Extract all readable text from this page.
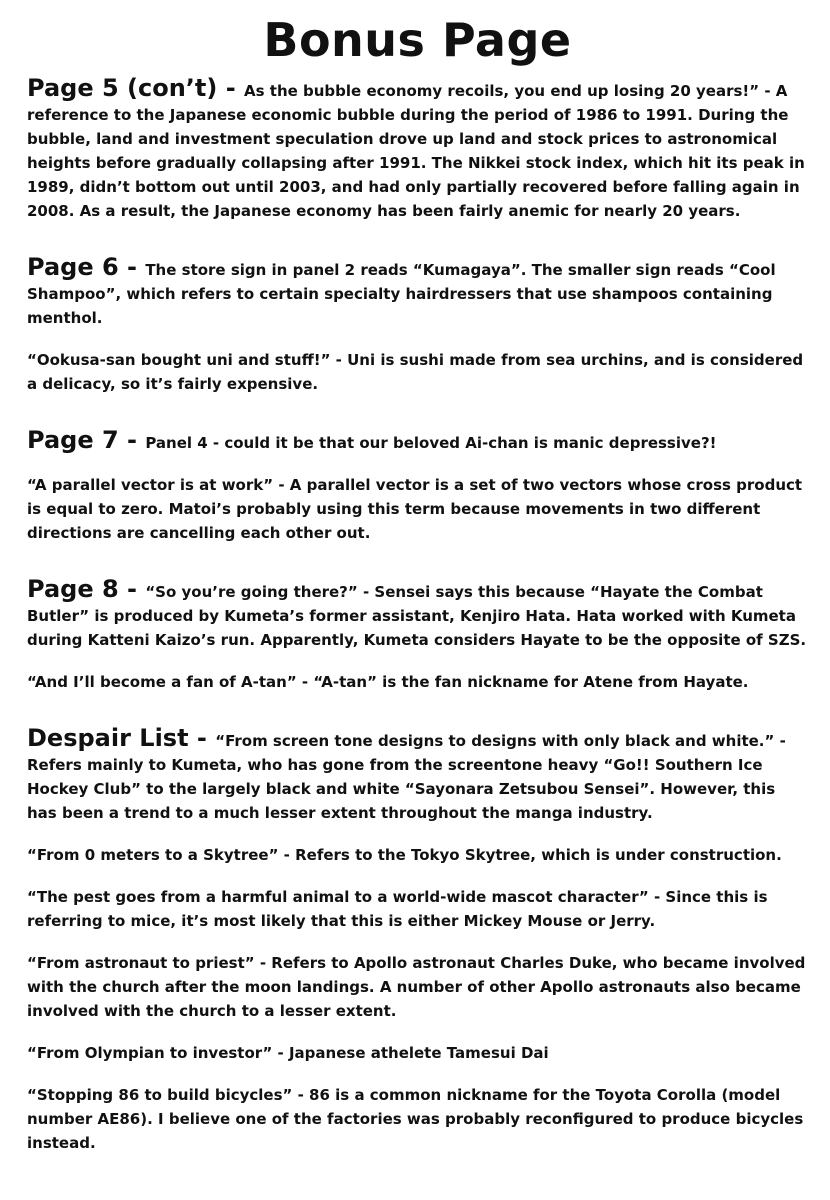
Bonus Page
Page 5 (con’t) - As the bubble economy recoils, you end up losing 20 years!” - A reference to the Japanese economic bubble during the period of 1986 to 1991. During the bubble, land and investment speculation drove up land and stock prices to astronomical heights before gradually collapsing after 1991. The Nikkei stock index, which hit its peak in 1989, didn’t bottom out until 2003, and had only partially recovered before falling again in 2008. As a result, the Japanese economy has been fairly anemic for nearly 20 years.
Page 6 - The store sign in panel 2 reads “Kumagaya”. The smaller sign reads “Cool Shampoo”, which refers to certain specialty hairdressers that use shampoos containing menthol.
“Ookusa-san bought uni and stuff!” - Uni is sushi made from sea urchins, and is considered a delicacy, so it’s fairly expensive.
Page 7 - Panel 4 - could it be that our beloved Ai-chan is manic depressive?!
“A parallel vector is at work” - A parallel vector is a set of two vectors whose cross product is equal to zero. Matoi’s probably using this term because movements in two different directions are cancelling each other out.
Page 8 - “So you’re going there?” - Sensei says this because “Hayate the Combat Butler” is produced by Kumeta’s former assistant, Kenjiro Hata. Hata worked with Kumeta during Katteni Kaizo’s run. Apparently, Kumeta considers Hayate to be the opposite of SZS.
“And I’ll become a fan of A-tan” - “A-tan” is the fan nickname for Atene from Hayate.
Despair List - “From screen tone designs to designs with only black and white.” - Refers mainly to Kumeta, who has gone from the screentone heavy “Go!! Southern Ice Hockey Club” to the largely black and white “Sayonara Zetsubou Sensei”. However, this has been a trend to a much lesser extent throughout the manga industry.
“From 0 meters to a Skytree” - Refers to the Tokyo Skytree, which is under construction.
“The pest goes from a harmful animal to a world-wide mascot character” - Since this is referring to mice, it’s most likely that this is either Mickey Mouse or Jerry.
“From astronaut to priest” - Refers to Apollo astronaut Charles Duke, who became involved with the church after the moon landings. A number of other Apollo astronauts also became involved with the church to a lesser extent.
“From Olympian to investor” - Japanese athelete Tamesui Dai
“Stopping 86 to build bicycles” - 86 is a common nickname for the Toyota Corolla (model number AE86). I believe one of the factories was probably reconfigured to produce bicycles instead.
